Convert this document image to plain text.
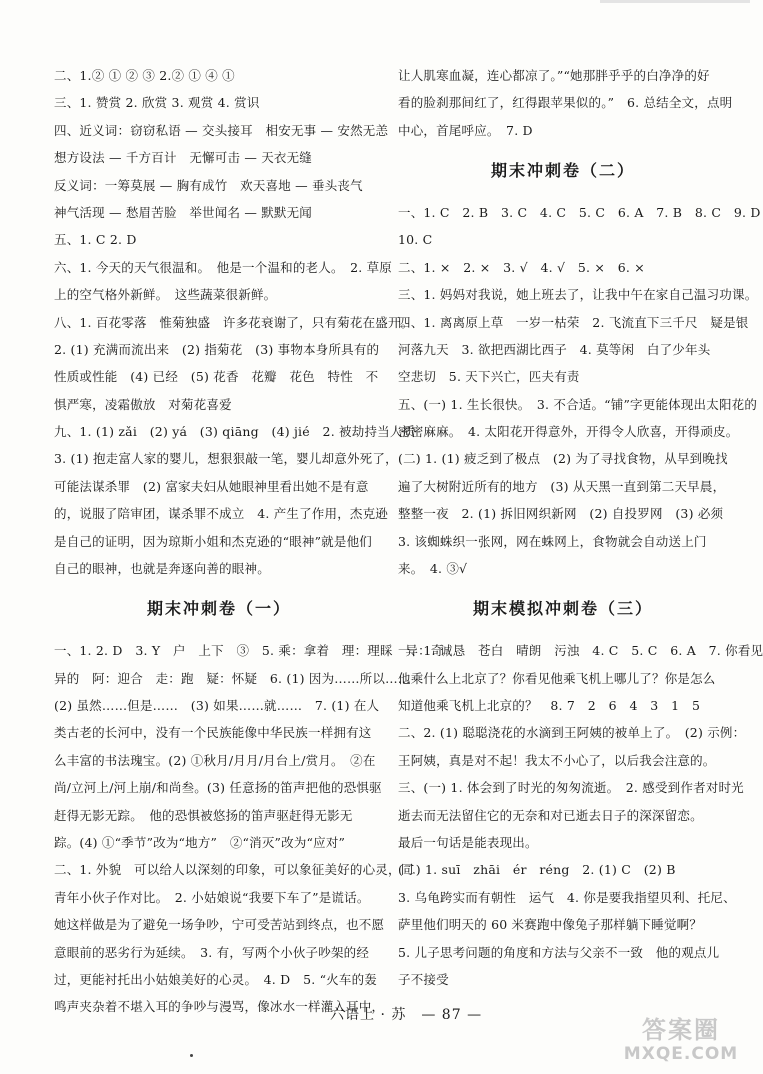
二、1.② ① ② ③ 2.② ① ④ ①
三、1. 赞赏 2. 欣赏 3. 观赏 4. 赏识
四、近义词：窃窃私语 — 交头接耳　相安无事 — 安然无恙
想方设法 — 千方百计　无懈可击 — 天衣无缝
反义词：一筹莫展 — 胸有成竹　欢天喜地 — 垂头丧气
神气活现 — 愁眉苦脸　举世闻名 — 默默无闻
五、1. C 2. D
六、1. 今天的天气很温和。　他是一个温和的老人。　2. 草原
上的空气格外新鲜。　这些蔬菜很新鲜。
八、1. 百花零落　惟菊独盛　许多花衰谢了，只有菊花在盛开。
2. (1) 充满而流出来　(2) 指菊花　(3) 事物本身所具有的
性质或性能　(4) 已经　(5) 花香　花瓣　花色　特性　不
惧严寒，凌霜傲放　对菊花喜爱
九、1. (1) zǎi　(2) yá　(3) qiāng　(4) jié　2. 被劫持当人质
3. (1) 抱走富人家的婴儿，想狠狠敲一笔，婴儿却意外死了，
可能法谋杀罪　(2) 富家夫妇从她眼神里看出她不是有意
的，说服了陪审团，谋杀罪不成立　4. 产生了作用，杰克逊
是自己的证明，因为琼斯小姐和杰克逊的“眼神”就是他们
自己的眼神，也就是奔逐向善的眼神。
期末冲刺卷（一）
一、1. 2. D　3. Y　户　上下　③　5. 乘：拿着　理：理睬　异：奇
异的　阿：迎合　走：跑　疑：怀疑　6. (1) 因为……所以……
(2) 虽然……但是……　(3) 如果……就……　7. (1) 在人
类古老的长河中，没有一个民族能像中华民族一样拥有这
么丰富的书法瑰宝。(2) ①秋月/月月/月台上/赏月。　②在
尚/立河上/河上崩/和尚叁。(3) 任意扬的笛声把他的恐惧驱
赶得无影无踪。　他的恐惧被悠扬的笛声驱赶得无影无
踪。(4) ①“季节”改为“地方”　②“消灭”改为“应对”
二、1. 外貌　可以给人以深刻的印象，可以象征美好的心灵，同
青年小伙子作对比。　2. 小姑娘说“我要下车了”是谎话。
她这样做是为了避免一场争吵，宁可受苦站到终点，也不愿
意眼前的恶劣行为延续。　3. 有，写两个小伙子吵架的经
过，更能衬托出小姑娘美好的心灵。　4. D　5. “火车的轰
鸣声夹杂着不堪入耳的争吵与漫骂，像冰水一样灌入耳中，
让人肌寒血凝，连心都凉了。”“她那胖乎乎的白净净的好
看的脸刹那间红了，红得跟苹果似的。”　6. 总结全文，点明
中心，首尾呼应。　7. D
期末冲刺卷（二）
一、1. C　2. B　3. C　4. C　5. C　6. A　7. B　8. C　9. D
10. C
二、1. ×　2. ×　3. √　4. √　5. ×　6. ×
三、1. 妈妈对我说，她上班去了，让我中午在家自己温习功课。
四、1. 离离原上草　一岁一枯荣　2. 飞流直下三千尺　疑是银
河落九天　3. 欲把西湖比西子　4. 莫等闲　白了少年头
空悲切　5. 天下兴亡，匹夫有责
五、(一) 1. 生长很快。　3. 不合适。“铺”字更能体现出太阳花的
密密麻麻。　4. 太阳花开得意外，开得令人欣喜，开得顽皮。
(二) 1. (1) 疲乏到了极点　(2) 为了寻找食物，从早到晚找
遍了大树附近所有的地方　(3) 从天黑一直到第二天早晨，
整整一夜　2. (1) 拆旧网织新网　(2) 自投罗网　(3) 必须
3. 该蜘蛛织一张网，网在蛛网上，食物就会自动送上门
来。　4. ③√
期末模拟冲刺卷（三）
一、1. 诚恳　苍白　晴朗　污浊　4. C　5. C　6. A　7. 你看见
他乘什么上北京了？你看见他乘飞机上哪儿了？你是怎么
知道他乘飞机上北京的？　8. 7　2　6　4　3　1　5
二、2. (1) 聪聪浇花的水滴到王阿姨的被单上了。　(2) 示例：
王阿姨，真是对不起！我太不小心了，以后我会注意的。
三、(一) 1. 体会到了时光的匆匆流逝。　2. 感受到作者对时光
逝去而无法留住它的无奈和对已逝去日子的深深留恋。
最后一句话是能表现出。
(二) 1. suī　zhāi　ér　réng　2. (1) C　(2) B
3. 乌龟跨实而有朝性　运气　4. 你是要我指望贝利、托尼、
萨里他们明天的 60 米赛跑中像兔子那样躺下睡觉啊？
5. 儿子思考问题的角度和方法与父亲不一致　他的观点儿
子不接受
六语上 · 苏　— 87 —
答案圈
MXQE.COM
